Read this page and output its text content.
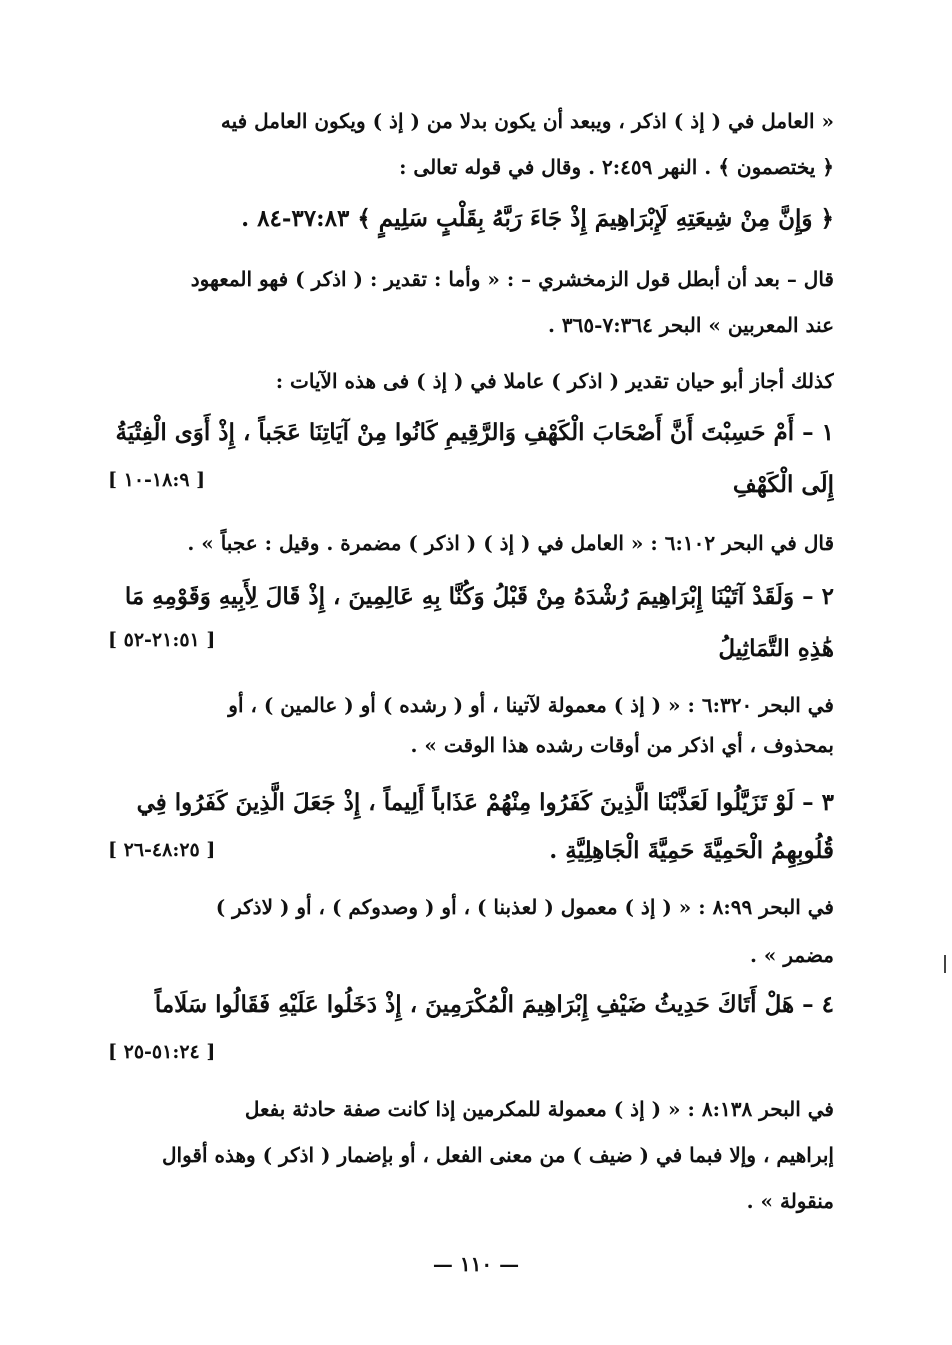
« العامل في ( إذ ) اذكر ، ويبعد أن يكون بدلا من ( إذ ) ويكون العامل فيه
﴿ يختصمون ﴾ . النهر ٢:٤٥٩ . وقال في قوله تعالى :
﴿ وَإِنَّ مِنْ شِيعَتِهِ لَإِبْرَاهِيمَ إِذْ جَاءَ رَبَّهُ بِقَلْبٍ سَلِيمٍ ﴾ ٣٧:٨٣-٨٤ .
قال – بعد أن أبطل قول الزمخشري – : « وأما : تقدير : ( اذكر ) فهو المعهود
عند المعربين » البحر ٧:٣٦٤-٣٦٥ .
كذلك أجاز أبو حيان تقدير ( اذكر ) عاملا في ( إذ ) فى هذه الآيات :
١ – أَمْ حَسِبْتَ أَنَّ أَصْحَابَ الْكَهْفِ وَالرَّقِيمِ كَانُوا مِنْ آيَاتِنَا عَجَباً ، إِذْ أَوَى الْفِتْيَةُ
إِلَى الْكَهْفِ
[ ١٨:٩-١٠ ]
قال في البحر ٦:١٠٢ : « العامل في ( إذ ) ( اذكر ) مضمرة . وقيل : عجباً » .
٢ – وَلَقَدْ آتَيْنَا إِبْرَاهِيمَ رُشْدَهُ مِنْ قَبْلُ وَكُنَّا بِهِ عَالِمِينَ ، إِذْ قَالَ لِأَبِيهِ وَقَوْمِهِ مَا
هَٰذِهِ التَّمَاثِيلُ
[ ٢١:٥١-٥٢ ]
في البحر ٦:٣٢٠ : « ( إذ ) معمولة لآتينا ، أو ( رشده ) أو ( عالمين ) ، أو
بمحذوف ، أي اذكر من أوقات رشده هذا الوقت » .
٣ – لَوْ تَزَيَّلُوا لَعَذَّبْنَا الَّذِينَ كَفَرُوا مِنْهُمْ عَذَاباً أَلِيماً ، إِذْ جَعَلَ الَّذِينَ كَفَرُوا فِي
قُلُوبِهِمُ الْحَمِيَّةَ حَمِيَّةَ الْجَاهِلِيَّةِ .
[ ٤٨:٢٥-٢٦ ]
في البحر ٨:٩٩ : « ( إذ ) معمول ( لعذبنا ) ، أو ( وصدوكم ) ، أو ( لاذكر )
مضمر » .
٤ – هَلْ أَتَاكَ حَدِيثُ ضَيْفِ إِبْرَاهِيمَ الْمُكْرَمِينَ ، إِذْ دَخَلُوا عَلَيْهِ فَقَالُوا سَلَاماً
[ ٥١:٢٤-٢٥ ]
في البحر ٨:١٣٨ : « ( إذ ) معمولة للمكرمين إذا كانت صفة حادثة بفعل
إبراهيم ، وإلا فبما في ( ضيف ) من معنى الفعل ، أو بإضمار ( اذكر ) وهذه أقوال
منقولة » .
— ١١٠ —
